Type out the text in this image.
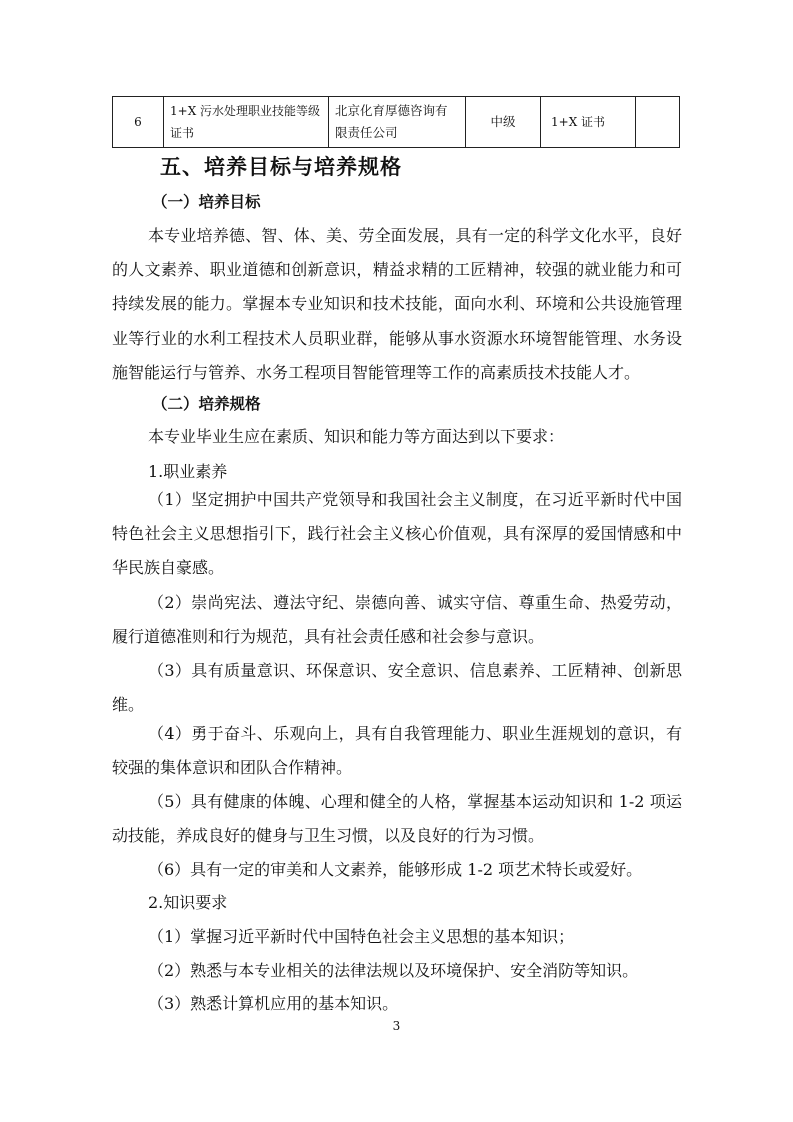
6	1+X 污水处理职业技能等级证书	北京化育厚德咨询有限责任公司	中级	1+X 证书	
五、培养目标与培养规格
（一）培养目标
本专业培养德、智、体、美、劳全面发展，具有一定的科学文化水平，良好的人文素养、职业道德和创新意识，精益求精的工匠精神，较强的就业能力和可持续发展的能力。掌握本专业知识和技术技能，面向水利、环境和公共设施管理业等行业的水利工程技术人员职业群，能够从事水资源水环境智能管理、水务设施智能运行与管养、水务工程项目智能管理等工作的高素质技术技能人才。
（二）培养规格
本专业毕业生应在素质、知识和能力等方面达到以下要求：
1.职业素养
（1）坚定拥护中国共产党领导和我国社会主义制度，在习近平新时代中国特色社会主义思想指引下，践行社会主义核心价值观，具有深厚的爱国情感和中华民族自豪感。
（2）崇尚宪法、遵法守纪、崇德向善、诚实守信、尊重生命、热爱劳动，履行道德准则和行为规范，具有社会责任感和社会参与意识。
（3）具有质量意识、环保意识、安全意识、信息素养、工匠精神、创新思维。
（4）勇于奋斗、乐观向上，具有自我管理能力、职业生涯规划的意识，有较强的集体意识和团队合作精神。
（5）具有健康的体魄、心理和健全的人格，掌握基本运动知识和 1-2 项运动技能，养成良好的健身与卫生习惯，以及良好的行为习惯。
（6）具有一定的审美和人文素养，能够形成 1-2 项艺术特长或爱好。
2.知识要求
（1）掌握习近平新时代中国特色社会主义思想的基本知识；
（2）熟悉与本专业相关的法律法规以及环境保护、安全消防等知识。
（3）熟悉计算机应用的基本知识。
3
